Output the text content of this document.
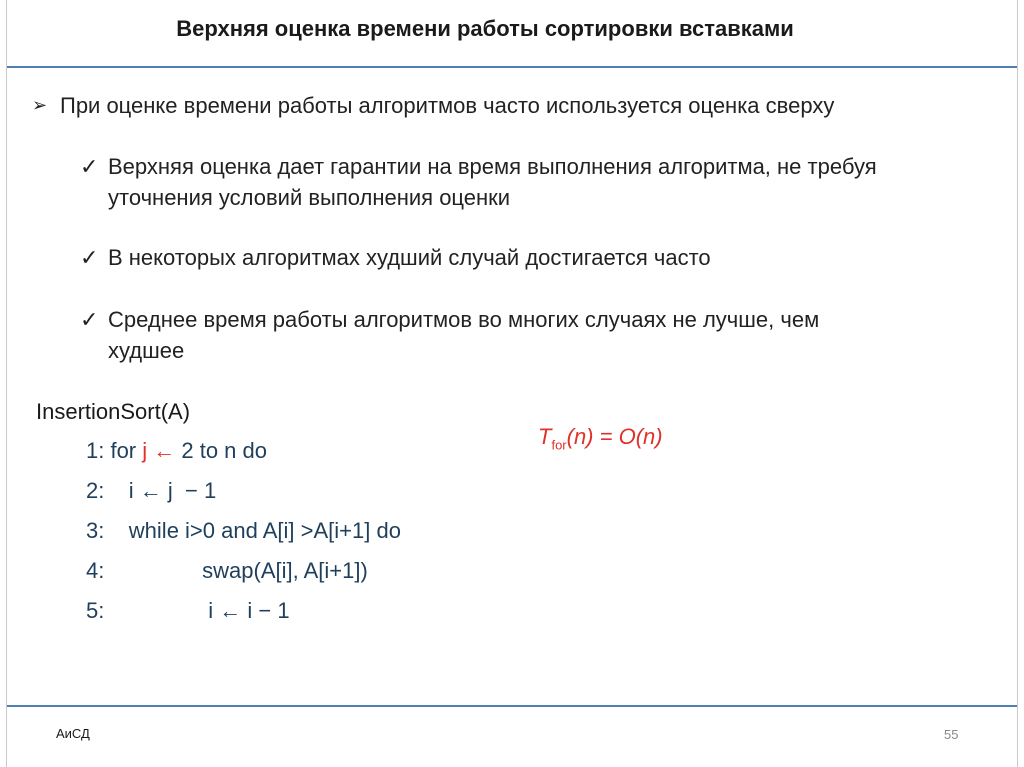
Верхняя оценка времени работы сортировки вставками
➢ При оценке времени работы алгоритмов часто используется оценка сверху
✓ Верхняя оценка дает гарантии на время выполнения алгоритма, не требуя
уточнения условий выполнения оценки
✓ В некоторых алгоритмах худший случай достигается часто
✓ Среднее время работы алгоритмов во многих случаях не лучше, чем
худшее
InsertionSort(A)
1: for j ← 2 to n do
2:    i ← j  − 1
3:    while i>0 and A[i] >A[i+1] do
4:                swap(A[i], A[i+1])
5:                 i ← i − 1
$T_{for}(n) = O(n)$
АиСД	55
